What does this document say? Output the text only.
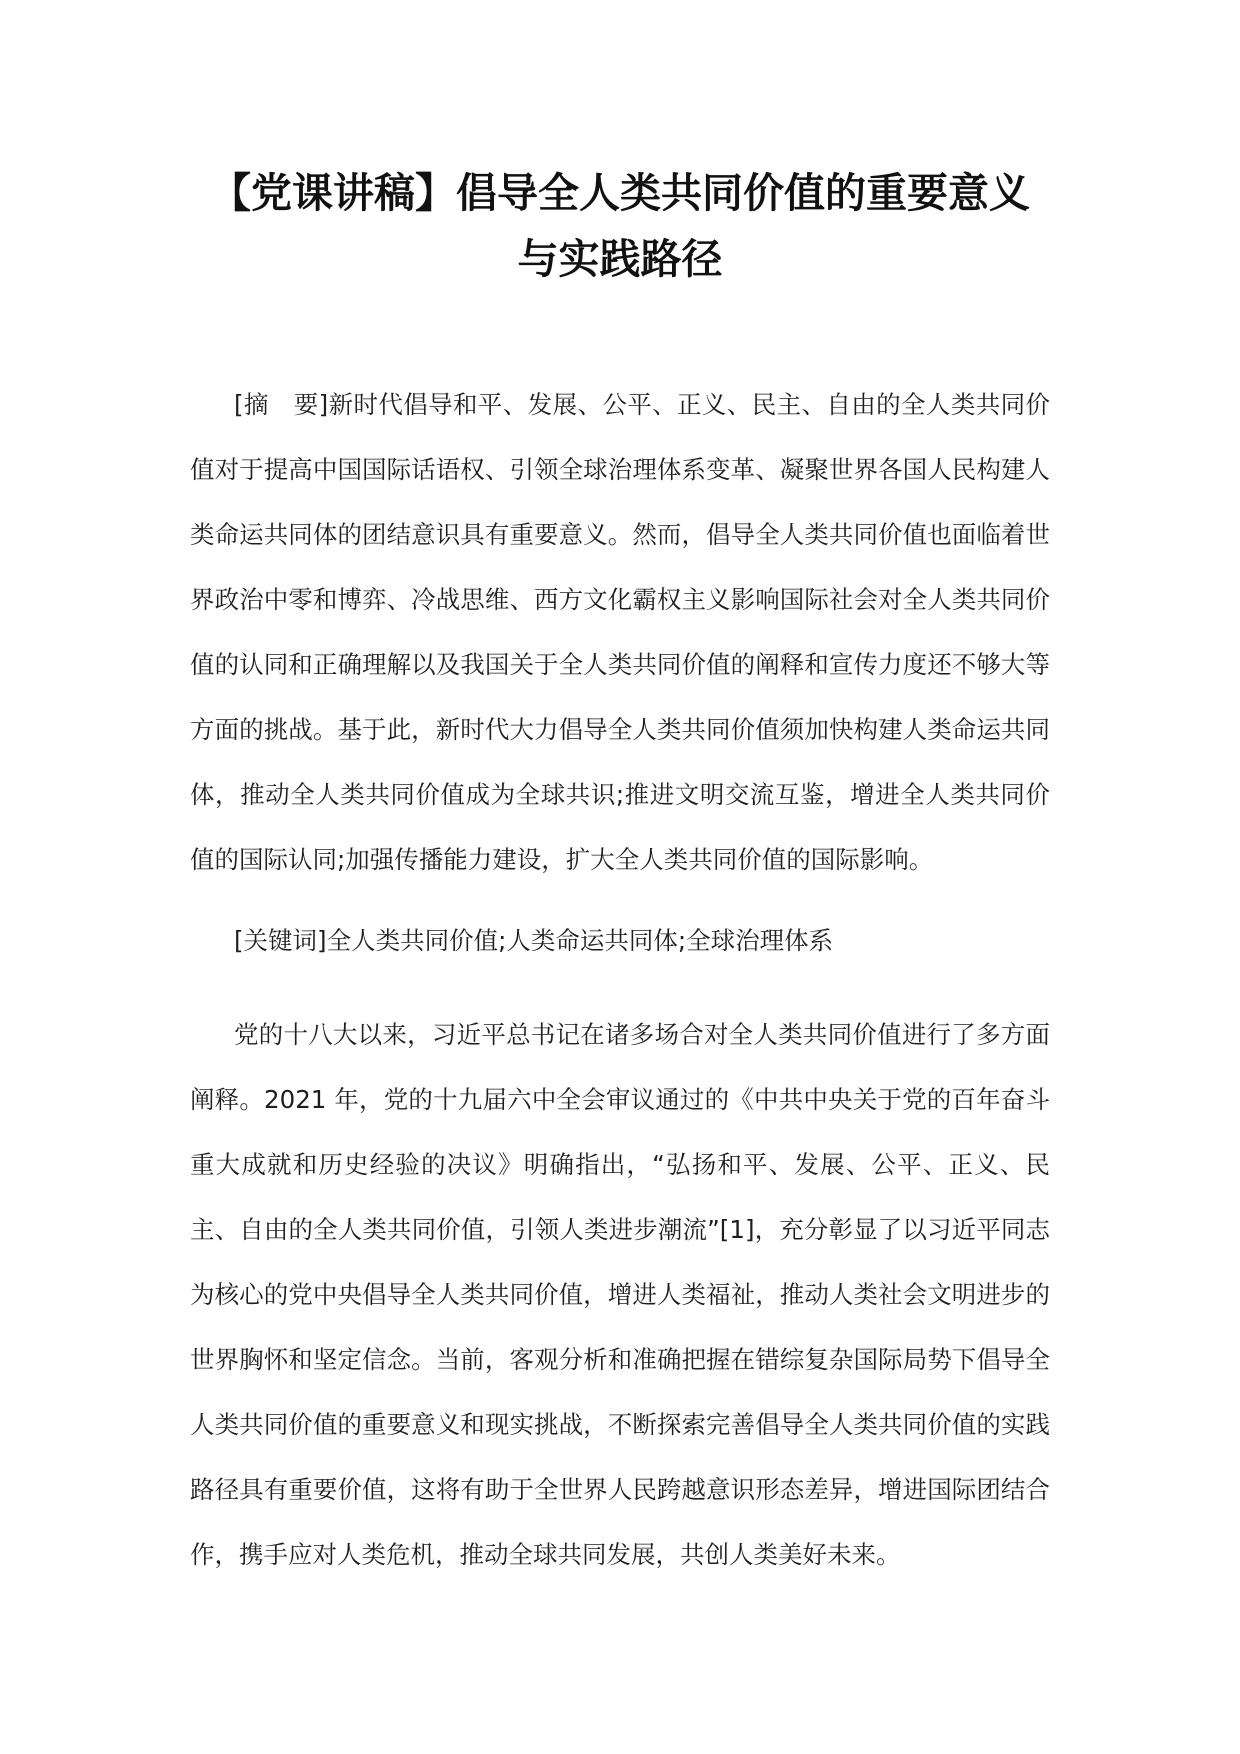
【党课讲稿】倡导全人类共同价值的重要意义与实践路径

[摘　要]新时代倡导和平、发展、公平、正义、民主、自由的全人类共同价值对于提高中国国际话语权、引领全球治理体系变革、凝聚世界各国人民构建人类命运共同体的团结意识具有重要意义。然而，倡导全人类共同价值也面临着世界政治中零和博弈、冷战思维、西方文化霸权主义影响国际社会对全人类共同价值的认同和正确理解以及我国关于全人类共同价值的阐释和宣传力度还不够大等方面的挑战。基于此，新时代大力倡导全人类共同价值须加快构建人类命运共同体，推动全人类共同价值成为全球共识;推进文明交流互鉴，增进全人类共同价值的国际认同;加强传播能力建设，扩大全人类共同价值的国际影响。

[关键词]全人类共同价值;人类命运共同体;全球治理体系

党的十八大以来，习近平总书记在诸多场合对全人类共同价值进行了多方面阐释。2021 年，党的十九届六中全会审议通过的《中共中央关于党的百年奋斗重大成就和历史经验的决议》明确指出，“弘扬和平、发展、公平、正义、民主、自由的全人类共同价值，引领人类进步潮流”[1]，充分彰显了以习近平同志为核心的党中央倡导全人类共同价值，增进人类福祉，推动人类社会文明进步的世界胸怀和坚定信念。当前，客观分析和准确把握在错综复杂国际局势下倡导全人类共同价值的重要意义和现实挑战，不断探索完善倡导全人类共同价值的实践路径具有重要价值，这将有助于全世界人民跨越意识形态差异，增进国际团结合作，携手应对人类危机，推动全球共同发展，共创人类美好未来。
